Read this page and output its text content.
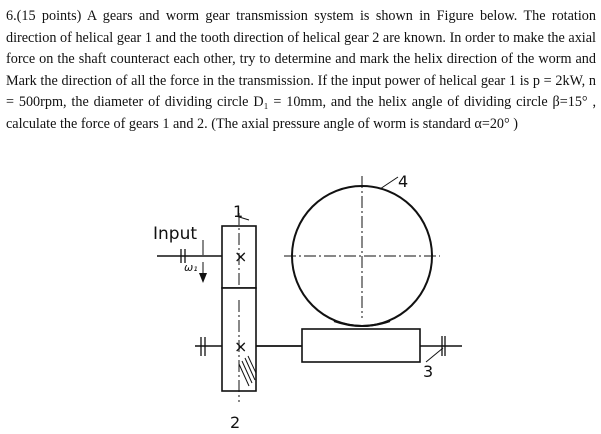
6.(15 points) A gears and worm gear transmission system is shown in Figure below. The rotation direction of helical gear 1 and the tooth direction of helical gear 2 are known. In order to make the axial force on the shaft counteract each other, try to determine and mark the helix direction of the worm and Mark the direction of all the force in the transmission. If the input power of helical gear 1 is p = 2kW, n = 500rpm, the diameter of dividing circle D₁ = 10mm, and the helix angle of dividing circle β=15° , calculate the force of gears 1 and 2. (The axial pressure angle of worm is standard α=20° )

Input
ω₁
1
2
3
4
×
×
